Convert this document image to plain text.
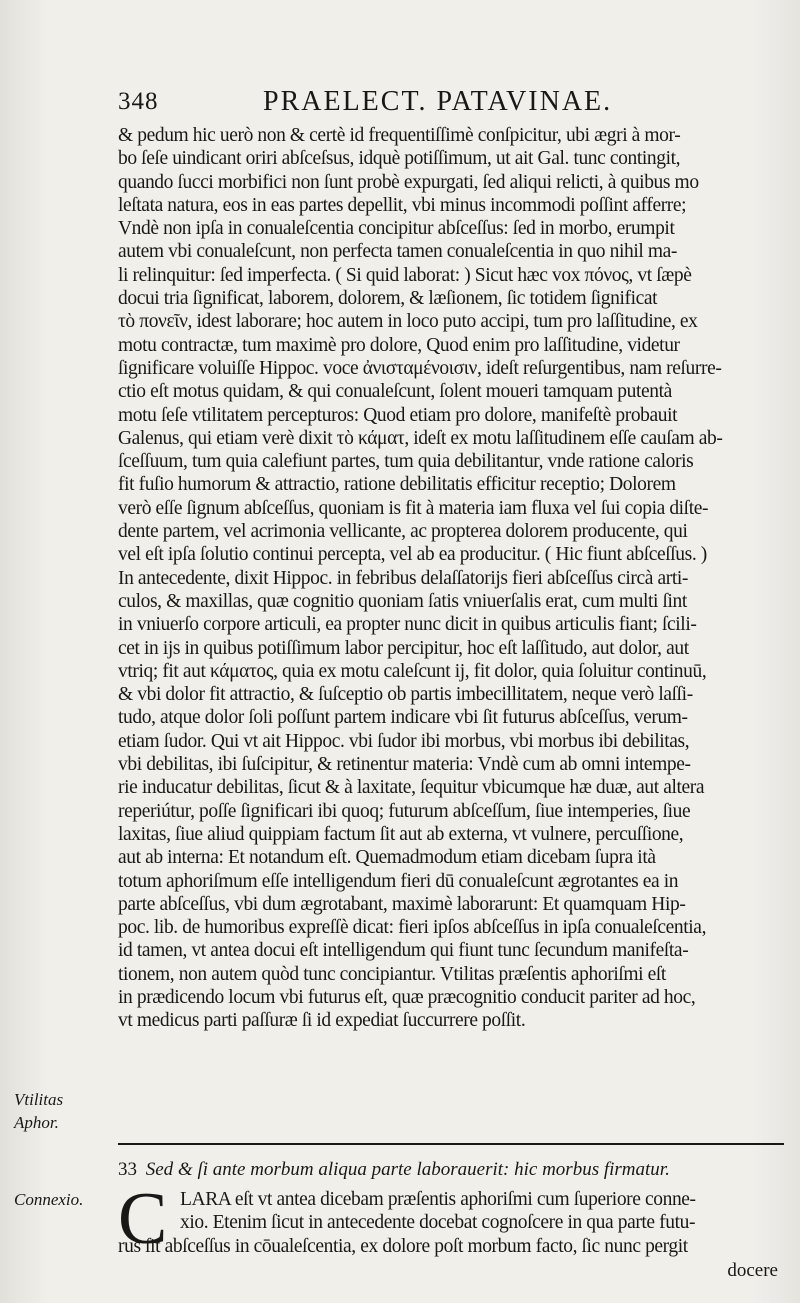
348	PRAELECT. PATAVINAE.
& pedum hic uerò non & certè id frequentiſſimè conſpicitur, ubi ægri à mor-
bo ſeſe uindicant oriri abſceſsus, idquè potiſſimum, ut ait Gal. tunc contingit,
quando ſucci morbifici non ſunt probè expurgati, ſed aliqui relicti, à quibus mo
leſtata natura, eos in eas partes depellit, vbi minus incommodi poſſint afferre;
Vndè non ipſa in conualeſcentia concipitur abſceſſus: ſed in morbo, erumpit
autem vbi conualeſcunt, non perfecta tamen conualeſcentia in quo nihil ma-
li relinquitur: ſed imperfecta. ( Si quid laborat: ) Sicut hæc vox πόνος, vt ſæpè
docui tria ſignificat, laborem, dolorem, & læſionem, ſic totidem ſignificat
τὸ πονεῖν, idest laborare; hoc autem in loco puto accipi, tum pro laſſitudine, ex
motu contractæ, tum maximè pro dolore, Quod enim pro laſſitudine, videtur
ſignificare voluiſſe Hippoc. voce ἀνισταμένοισιν, ideſt reſurgentibus, nam reſurre-
ctio eſt motus quidam, & qui conualeſcunt, ſolent moueri tamquam putentà
motu ſeſe vtilitatem percepturos: Quod etiam pro dolore, manifeſtè probauit
Galenus, qui etiam verè dixit τὸ κάματ, ideſt ex motu laſſitudinem eſſe cauſam ab-
ſceſſuum, tum quia calefiunt partes, tum quia debilitantur, vnde ratione caloris
fit fuſio humorum & attractio, ratione debilitatis efficitur receptio; Dolorem
verò eſſe ſignum abſceſſus, quoniam is fit à materia iam fluxa vel ſui copia diſte-
dente partem, vel acrimonia vellicante, ac propterea dolorem producente, qui
vel eſt ipſa ſolutio continui percepta, vel ab ea producitur. ( Hic fiunt abſceſſus. )
In antecedente, dixit Hippoc. in febribus delaſſatorijs fieri abſceſſus circà arti-
culos, & maxillas, quæ cognitio quoniam ſatis vniuerſalis erat, cum multi ſint
in vniuerſo corpore articuli, ea propter nunc dicit in quibus articulis fiant; ſcili-
cet in ijs in quibus potiſſimum labor percipitur, hoc eſt laſſitudo, aut dolor, aut
vtriq; fit aut κάματος, quia ex motu caleſcunt ij, fit dolor, quia ſoluitur continuū,
& vbi dolor fit attractio, & ſuſceptio ob partis imbecillitatem, neque verò laſſi-
tudo, atque dolor ſoli poſſunt partem indicare vbi ſit futurus abſceſſus, verum-
etiam ſudor. Qui vt ait Hippoc. vbi ſudor ibi morbus, vbi morbus ibi debilitas,
vbi debilitas, ibi ſuſcipitur, & retinentur materia: Vndè cum ab omni intempe-
rie inducatur debilitas, ſicut & à laxitate, ſequitur vbicumque hæ duæ, aut altera
reperiútur, poſſe ſignificari ibi quoq; futurum abſceſſum, ſiue intemperies, ſiue
laxitas, ſiue aliud quippiam factum ſit aut ab externa, vt vulnere, percuſſione,
aut ab interna: Et notandum eſt. Quemadmodum etiam dicebam ſupra ità
totum aphoriſmum eſſe intelligendum fieri dū conualeſcunt ægrotantes ea in
parte abſceſſus, vbi dum ægrotabant, maximè laborarunt: Et quamquam Hip-
poc. lib. de humoribus expreſſè dicat: fieri ipſos abſceſſus in ipſa conualeſcentia,
id tamen, vt antea docui eſt intelligendum qui fiunt tunc ſecundum manifeſta-
tionem, non autem quòd tunc concipiantur. Vtilitas præſentis aphoriſmi eſt
in prædicendo locum vbi futurus eſt, quæ præcognitio conducit pariter ad hoc,
vt medicus parti paſſuræ ſi id expediat ſuccurrere poſſit.
Vtilitas
Aphor.
Connexio.
33 Sed & ſi ante morbum aliqua parte laborauerit: hic morbus firmatur.
C LARA eſt vt antea dicebam præſentis aphoriſmi cum ſuperiore conne-
xio. Etenim ſicut in antecedente docebat cognoſcere in qua parte futu-
rus ſit abſceſſus in cōualeſcentia, ex dolore poſt morbum facto, ſic nunc pergit
docere
